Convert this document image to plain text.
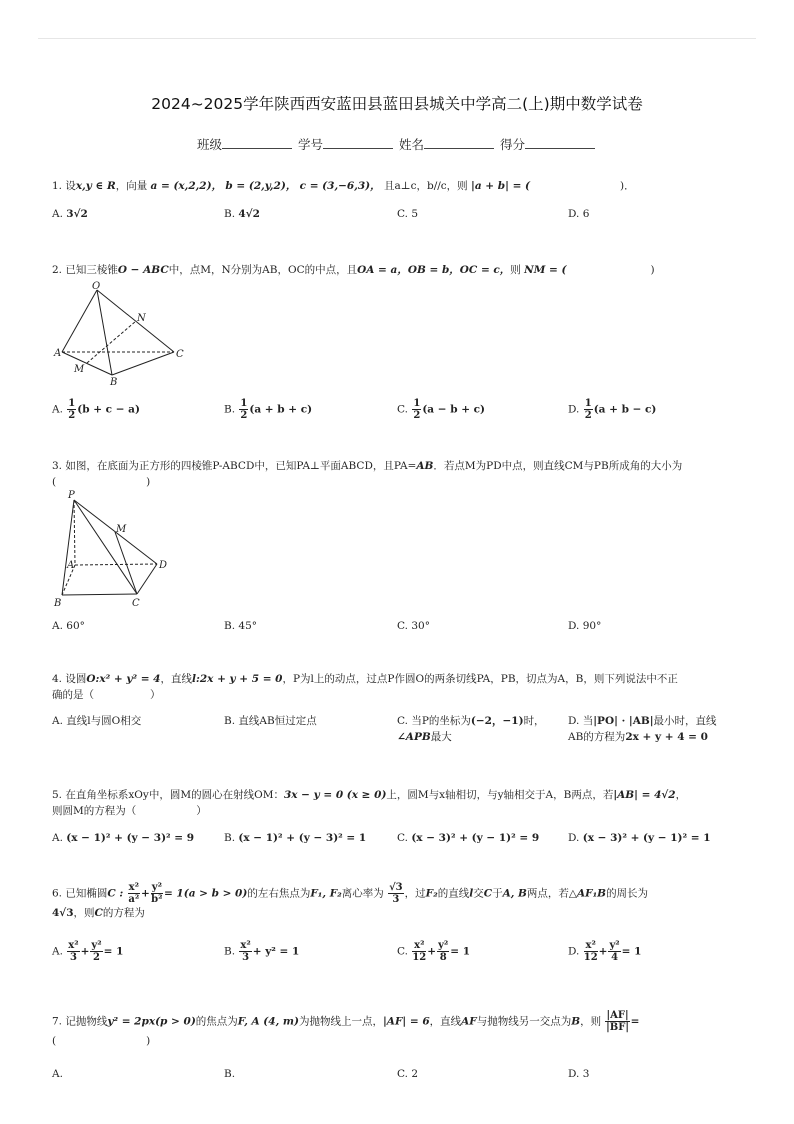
2024~2025学年陕西西安蓝田县蓝田县城关中学高二(上)期中数学试卷
班级	学号	姓名	得分
1. 设x,y ∈ R，向量 a = (x,2,2)， b = (2,y,2)， c = (3,−6,3)， 且a⊥c，b//c，则 |a + b| = (	)．
A. 3√2	B. 4√2	C. 5	D. 6
2. 已知三棱锥O − ABC中，点M，N分别为AB，OC的中点，且OA = a，OB = b，OC = c，则 NM = (	)
O
N
A	C
M
B
A. $\frac{1}{2} (b + c - a)$	B. $\frac{1}{2} (a + b + c)$	C. $\frac{1}{2} (a - b + c)$	D. $\frac{1}{2} (a + b - c)$
3. 如图，在底面为正方形的四棱锥P-ABCD中，已知PA⊥平面ABCD，且PA=AB．若点M为PD中点，则直线CM与PB所成角的大小为
(	)
P
M
A	D
B	C
A. 60°	B. 45°	C. 30°	D. 90°
4. 设圆O:x² + y² = 4，直线l:2x + y + 5 = 0，P为l上的动点，过点P作圆O的两条切线PA，PB，切点为A，B，则下列说法中不正
确的是（	）
A. 直线l与圆O相交	B. 直线AB恒过定点	C. 当P的坐标为(−2，−1)时，
∠APB最大
D. 当|PO| · |AB|最小时，直线
AB的方程为2x + y + 4 = 0
5. 在直角坐标系xOy中，圆M的圆心在射线OM：3x − y = 0 (x ≥ 0)上，圆M与x轴相切，与y轴相交于A，B两点，若|AB| = 4√2，
则圆M的方程为（	）
A. (x − 1)² + (y − 3)² = 9	B. (x − 1)² + (y − 3)² = 1	C. (x − 3)² + (y − 1)² = 9	D. (x − 3)² + (y − 1)² = 1
6. 已知椭圆C : $\frac{\text{x²}}{\text{a²}} + \frac{\text{y²}}{\text{b²}} = 1(a > b > 0)$的左右焦点为F₁, F₂离心率为 $\frac{√3}{3}$ ，过F₂的直线l交C于A, B两点，若△AF₁B的周长为
4√3，则C的方程为
A. $\frac{\text{x²}}{3} + \frac{\text{y²}}{2} = 1$	B. $\frac{\text{x²}}{3} + y^2 = 1$	C. $\frac{\text{x²}}{12} + \frac{\text{y²}}{8} = 1$	D. $\frac{\text{x²}}{12} + \frac{\text{y²}}{4} = 1$
7. 记抛物线y² = 2px(p > 0)的焦点为F, A (4, m)为抛物线上一点，|AF| = 6，直线AF与抛物线另一交点为B，则 $\frac{|AF|}{|BF|}$ =
(	)
A.	B.	C. 2	D. 3
